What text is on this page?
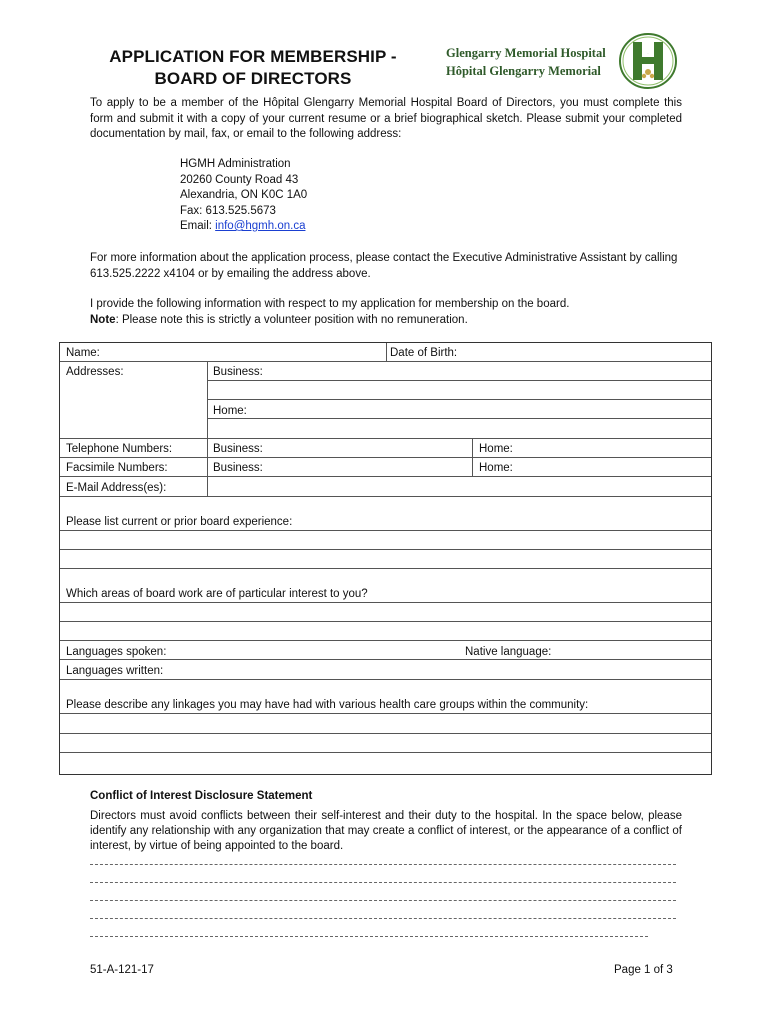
APPLICATION FOR MEMBERSHIP -
BOARD OF DIRECTORS
Glengarry Memorial Hospital
Hôpital Glengarry Memorial
H
To apply to be a member of the Hôpital Glengarry Memorial Hospital Board of Directors, you must complete this form and submit it with a copy of your current resume or a brief biographical sketch. Please submit your completed documentation by mail, fax, or email to the following address:
HGMH Administration
20260 County Road 43
Alexandria, ON K0C 1A0
Fax: 613.525.5673
Email: info@hgmh.on.ca
For more information about the application process, please contact the Executive Administrative Assistant by calling 613.525.2222 x4104 or by emailing the address above.
I provide the following information with respect to my application for membership on the board.
Note: Please note this is strictly a volunteer position with no remuneration.
Name:	Date of Birth:
Addresses:	Business:
Home:
Telephone Numbers:	Business:	Home:
Facsimile Numbers:	Business:	Home:
E-Mail Address(es):
Please list current or prior board experience:
Which areas of board work are of particular interest to you?
Languages spoken:	Native language:
Languages written:
Please describe any linkages you may have had with various health care groups within the community:
Conflict of Interest Disclosure Statement
Directors must avoid conflicts between their self-interest and their duty to the hospital. In the space below, please identify any relationship with any organization that may create a conflict of interest, or the appearance of a conflict of interest, by virtue of being appointed to the board.
51-A-121-17	Page 1 of 3
